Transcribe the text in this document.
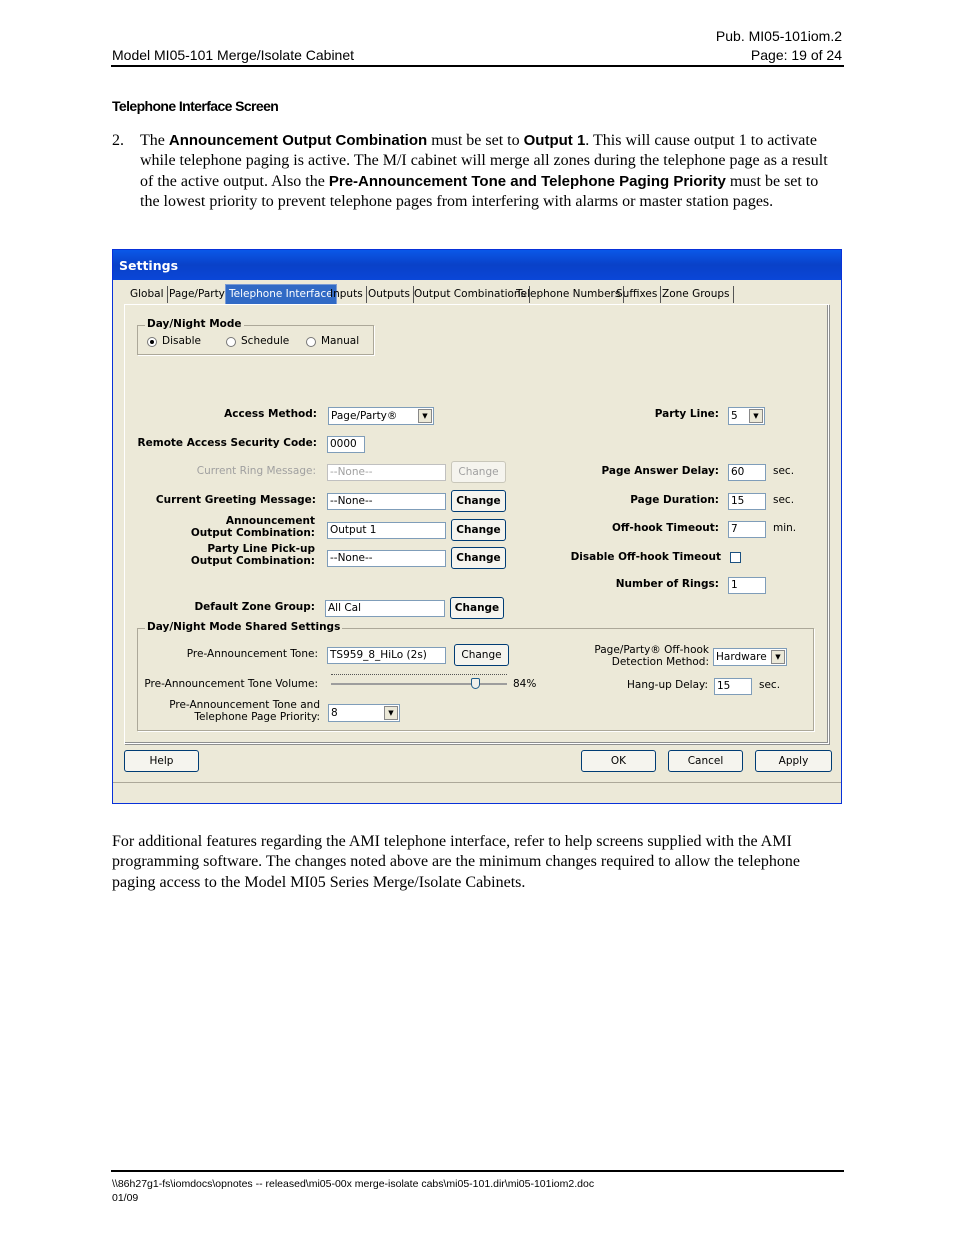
Pub. MI05-101iom.2
Model MI05-101 Merge/Isolate Cabinet	Page: 19 of 24
Telephone Interface Screen
2. The Announcement Output Combination must be set to Output 1. This will cause output 1 to activate while telephone paging is active. The M/I cabinet will merge all zones during the telephone page as a result of the active output. Also the Pre-Announcement Tone and Telephone Paging Priority must be set to the lowest priority to prevent telephone pages from interfering with alarms or master station pages.
Settings
Global Page/Party Telephone Interface
Inputs Outputs Output Combinations
Telephone Numbers
Suffixes Zone Groups
Day/Night Mode
Disable	Schedule	Manual
Access Method: Page/Party®	▼
Remote Access Security Code: 0000
Current Ring Message: --None--	Change
Current Greeting Message: --None--	Change
Announcement
Output Combination: Output 1	Change
Party Line Pick-up
Output Combination: --None--	Change
Default Zone Group: All Cal	Change
Party Line: 5	▼
Page Answer Delay: 60	sec.
Page Duration: 15	sec.
Off-hook Timeout: 7	min.
Disable Off-hook Timeout
Number of Rings: 1
Day/Night Mode Shared Settings
Pre-Announcement Tone: TS959_8_HiLo (2s)	Change
Pre-Announcement Tone Volume:	84%
Pre-Announcement Tone and
Telephone Page Priority: 8	▼
Page/Party® Off-hook
Detection Method: Hardware	▼
Hang-up Delay: 15	sec.
Help	OK	Cancel	Apply
For additional features regarding the AMI telephone interface, refer to help screens supplied with the AMI programming software. The changes noted above are the minimum changes required to allow the telephone paging access to the Model MI05 Series Merge/Isolate Cabinets.
\\86h27g1-fs\iomdocs\opnotes -- released\mi05-00x merge-isolate cabs\mi05-101.dir\mi05-101iom2.doc
01/09
